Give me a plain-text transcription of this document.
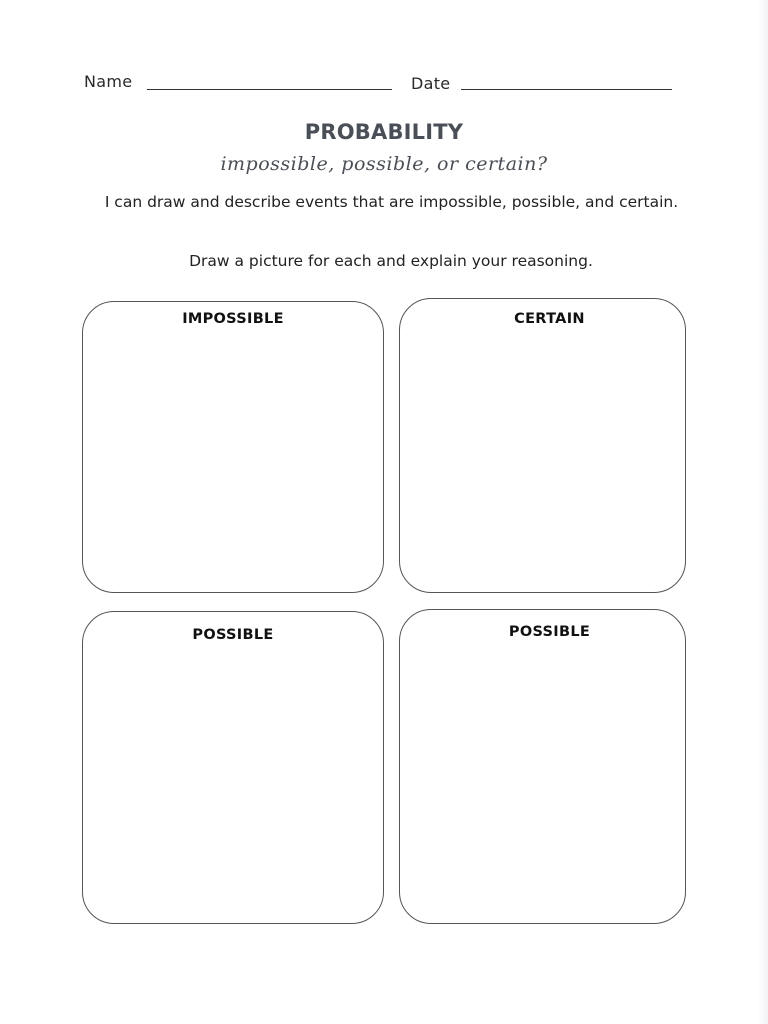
Name	Date
PROBABILITY
impossible, possible, or certain?
I can draw and describe events that are impossible, possible, and certain.
Draw a picture for each and explain your reasoning.
IMPOSSIBLE	CERTAIN
POSSIBLE	POSSIBLE
